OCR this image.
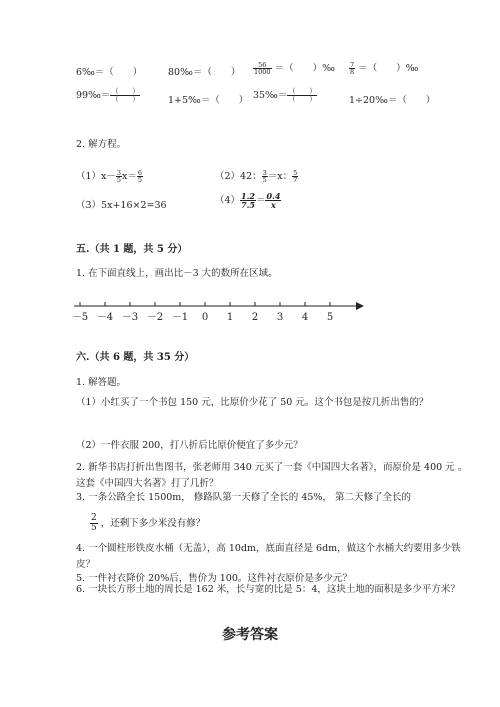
6‰＝（　　）	80‰＝（　　） $\frac{56}{1000}$ ＝（　　）‰ $\frac{7}{8}$ ＝（　　）‰
99‰＝ $\frac{( )}{( )}$	1+5‰＝（　　） 35‰＝ $\frac{( )}{( )}$	1÷20‰＝（　　）
2. 解方程。
$(1)x- \frac{3}{5} x= \frac{6}{5}$	（2）42： $\frac{3}{5} =x$： $\frac{5}{7}$
（3）5x+16×2=36	$(4) \frac{1.2}{7.5} = \frac{0.4}{x}$
五.（共 1 题，共 5 分）
1. 在下面直线上，画出比－3 大的数所在区域。
－5 －4 －3 －2 －1 0 1 2 3 4 5
六.（共 6 题，共 35 分）
1. 解答题。
（1）小红买了一个书包 150 元，比原价少花了 50 元。这个书包是按几折出售的？
（2）一件衣服 200，打八折后比原价便宜了多少元？
2. 新华书店打折出售图书，张老师用 340 元买了一套《中国四大名著》，而原价是 400 元 。这套《中国四大名著》打了几折？
3. 一条公路全长 1500m， 修路队第一天修了全长的 45%， 第二天修了全长的
$\frac{2}{5}$ ，还剩下多少米没有修？
4. 一个圆柱形铁皮水桶（无盖），高 10dm，底面直径是 6dm，做这个水桶大约要用多少铁皮？
5. 一件衬衣降价 20%后，售价为 100。这件衬衣原价是多少元？
6. 一块长方形土地的周长是 162 米，长与宽的比是 5：4，这块土地的面积是多少平方米？
参考答案
